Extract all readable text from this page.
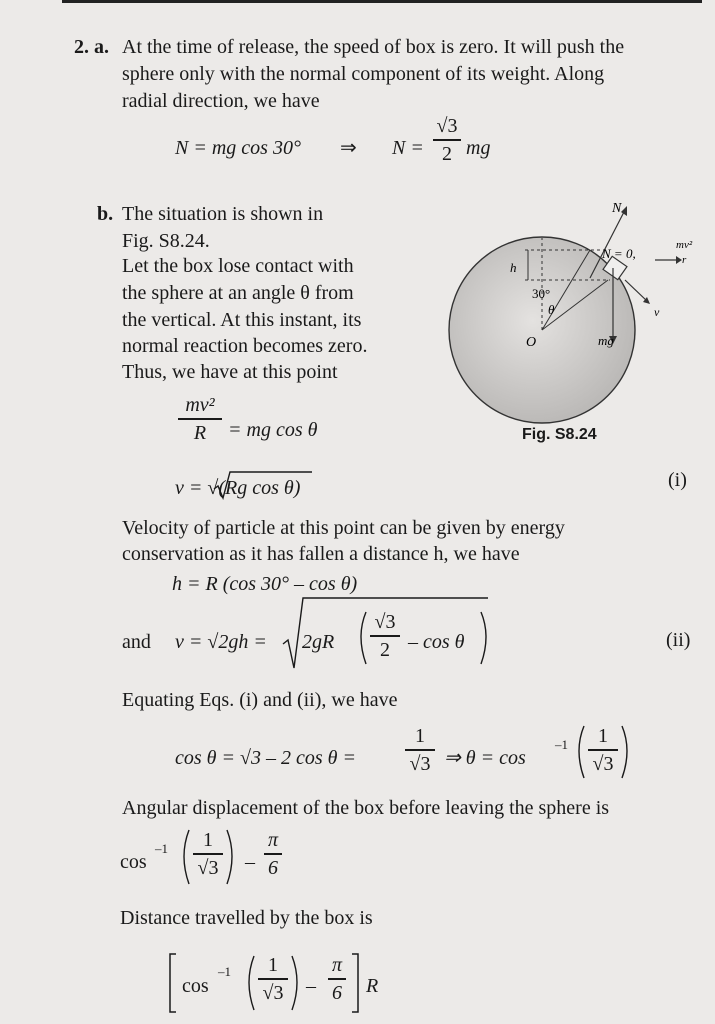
2. a. At the time of release, the speed of box is zero. It will push the
sphere only with the normal component of its weight. Along
radial direction, we have
N = mg cos 30° ⇒ N =
√3
2 mg
b. The situation is shown in
Fig. S8.24.
Let the box lose contact with
the sphere at an angle θ from
the vertical. At this instant, its
normal reaction becomes zero.
Thus, we have at this point
mv²
R	= mg cos θ
v = √(Rg cos θ)	(i)
Velocity of particle at this point can be given by energy
conservation as it has fallen a distance h, we have
h = R (cos 30° – cos θ)
and v = √2gh = 2gR
√3
2 – cos θ	(ii)
Equating Eqs. (i) and (ii), we have
cos θ = √3 – 2 cos θ =
1
√3 ⇒ θ = cos
–1	1
√3
Angular displacement of the box before leaving the sphere is
cos
–1	1
√3 –
π
6
Distance travelled by the box is
cos
–1	1
√3 –
π
6 R
N
N = 0,
mv²
r
h
30°
θ
O	mg
v
Fig. S8.24
